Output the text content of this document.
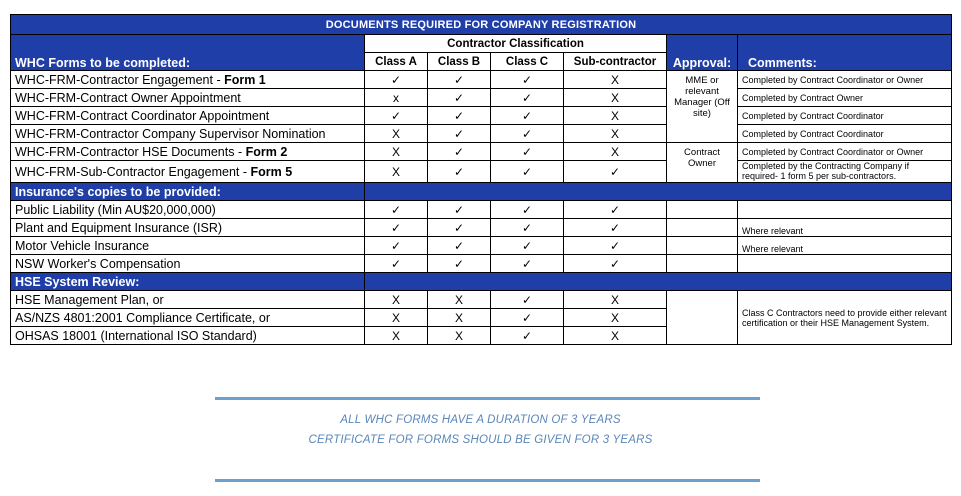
DOCUMENTS REQUIRED FOR COMPANY REGISTRATION						
WHC Forms to be completed:	Contractor Classification				Approval:	Comments:
	Class A	Class B	Class C	Sub-contractor		
WHC-FRM-Contractor Engagement - Form 1	✓	✓	✓	X	MME or relevant Manager (Off site)	Completed by Contract Coordinator or Owner
WHC-FRM-Contract Owner Appointment	x	✓	✓	X		Completed by Contract Owner
WHC-FRM-Contract Coordinator Appointment	✓	✓	✓	X		Completed by Contract Coordinator
WHC-FRM-Contractor Company Supervisor Nomination	X	✓	✓	X		Completed by Contract Coordinator
WHC-FRM-Contractor HSE Documents - Form 2	X	✓	✓	X	Contract Owner	Completed by Contract Coordinator or Owner
WHC-FRM-Sub-Contractor Engagement - Form 5	X	✓	✓	✓		Completed by the Contracting Company if required- 1 form 5 per sub-contractors.
Insurance's copies to be provided:						
Public Liability (Min AU$20,000,000)	✓	✓	✓	✓		
Plant and Equipment Insurance (ISR)	✓	✓	✓	✓		Where relevant
Motor Vehicle Insurance	✓	✓	✓	✓		Where relevant
NSW Worker's Compensation	✓	✓	✓	✓		
HSE System Review:						
HSE Management Plan, or	X	X	✓	X		Class C Contractors need to provide either relevant certification or their HSE Management System.
AS/NZS 4801:2001 Compliance Certificate, or	X	X	✓	X		
OHSAS 18001 (International ISO Standard)	X	X	✓	X		
ALL WHC FORMS HAVE A DURATION OF 3 YEARS
CERTIFICATE FOR FORMS SHOULD BE GIVEN FOR 3 YEARS
